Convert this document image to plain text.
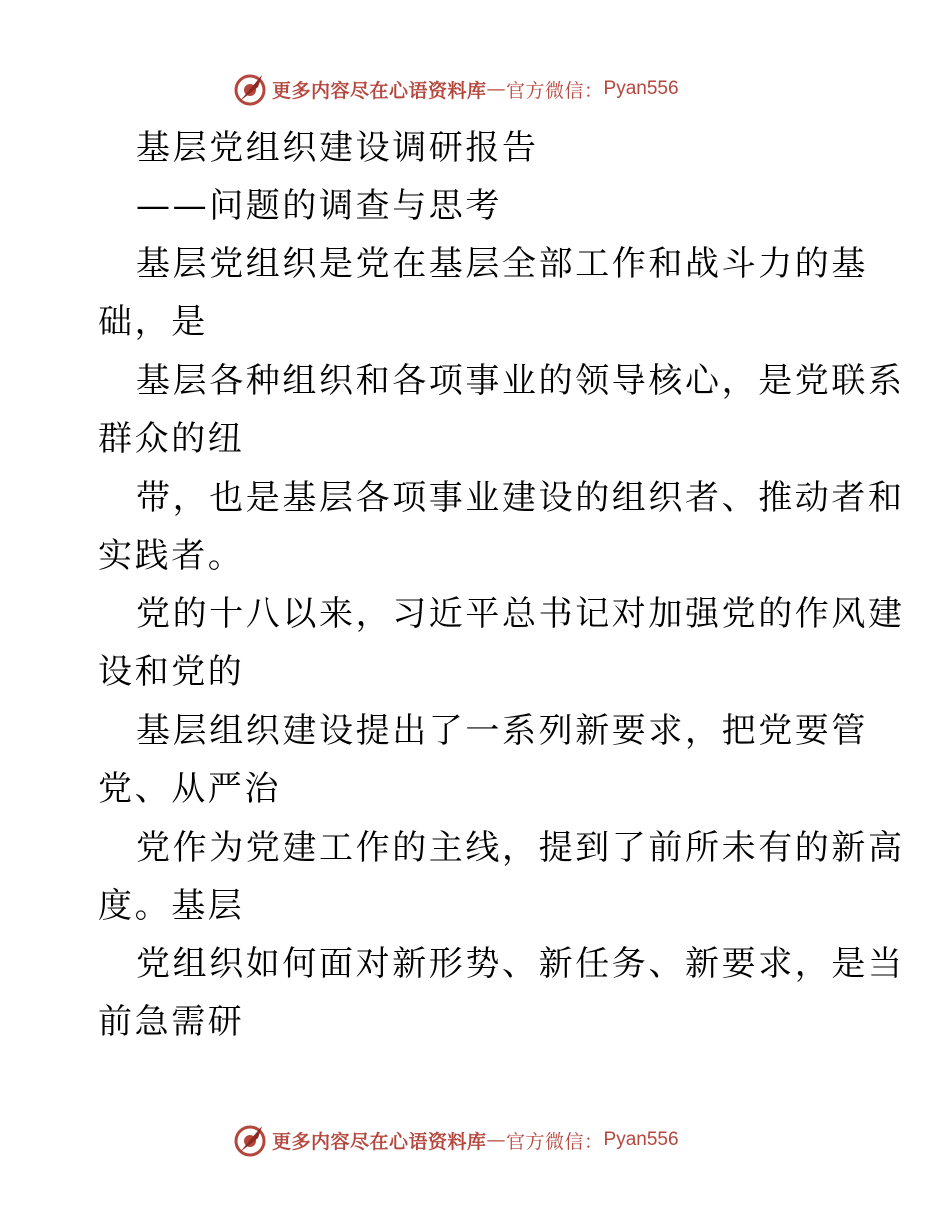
更多内容尽在心语资料库 — 官方微信： Pyan556
基层党组织建设调研报告
——问题的调查与思考
基层党组织是党在基层全部工作和战斗力的基
础，是
基层各种组织和各项事业的领导核心，是党联系
群众的纽
带，也是基层各项事业建设的组织者、推动者和
实践者。
党的十八以来，习近平总书记对加强党的作风建
设和党的
基层组织建设提出了一系列新要求，把党要管
党、从严治
党作为党建工作的主线，提到了前所未有的新高
度。基层
党组织如何面对新形势、新任务、新要求，是当
前急需研
更多内容尽在心语资料库 — 官方微信： Pyan556
